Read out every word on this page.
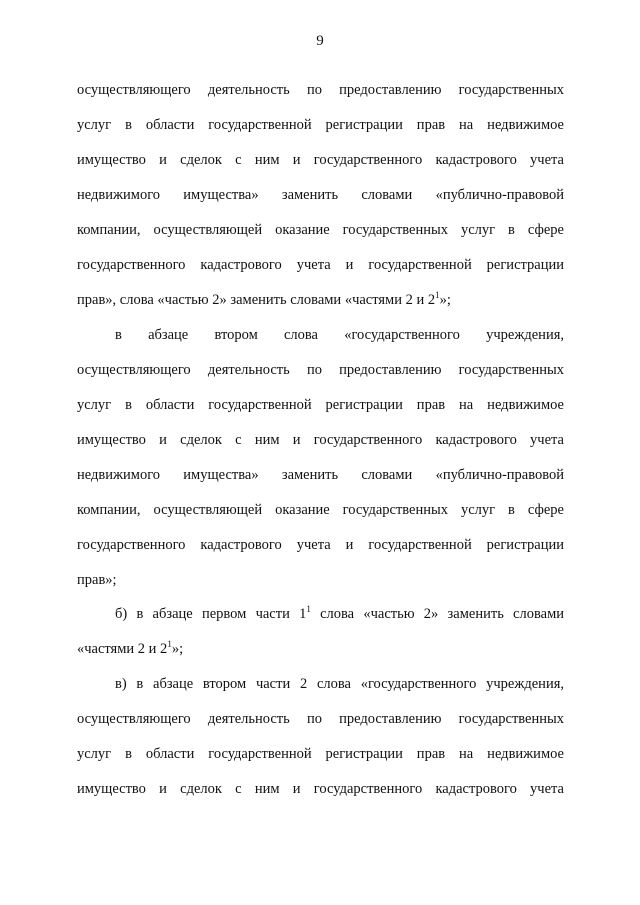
9
осуществляющего деятельность по предоставлению государственных
услуг в области государственной регистрации прав на недвижимое
имущество и сделок с ним и государственного кадастрового учета
недвижимого имущества» заменить словами «публично-правовой
компании, осуществляющей оказание государственных услуг в сфере
государственного кадастрового учета и государственной регистрации
прав», слова «частью 2» заменить словами «частями 2 и $2^1$»;
в абзаце втором слова «государственного учреждения,
осуществляющего деятельность по предоставлению государственных
услуг в области государственной регистрации прав на недвижимое
имущество и сделок с ним и государственного кадастрового учета
недвижимого имущества» заменить словами «публично-правовой
компании, осуществляющей оказание государственных услуг в сфере
государственного кадастрового учета и государственной регистрации
прав»;
б) в абзаце первом части $1^1$ слова «частью 2» заменить словами
«частями 2 и $2^1$»;
в) в абзаце втором части 2 слова «государственного учреждения,
осуществляющего деятельность по предоставлению государственных
услуг в области государственной регистрации прав на недвижимое
имущество и сделок с ним и государственного кадастрового учета
